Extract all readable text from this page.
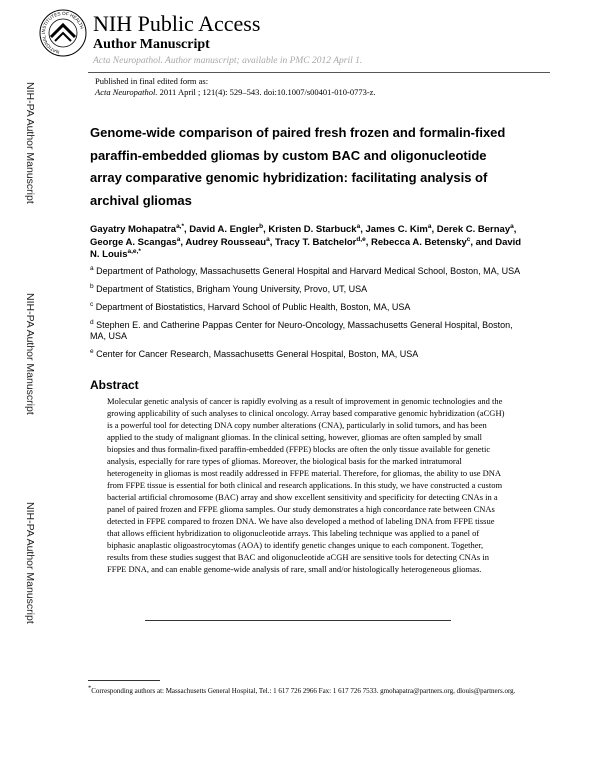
NATIONAL INSTITUTES OF HEALTH NIH Public Access
Author Manuscript
Acta Neuropathol. Author manuscript; available in PMC 2012 April 1.
Published in final edited form as:
Acta Neuropathol. 2011 April ; 121(4): 529–543. doi:10.1007/s00401-010-0773-z.
NIH-PA Author Manuscript
NIH-PA Author Manuscript
NIH-PA Author Manuscript
Genome-wide comparison of paired fresh frozen and formalin-fixed paraffin-embedded gliomas by custom BAC and oligonucleotide array comparative genomic hybridization: facilitating analysis of archival gliomas
Gayatry Mohapatra$^{a,*}$, David A. Engler$^b$, Kristen D. Starbuck$^a$, James C. Kim$^a$, Derek C. Bernay$^a$, George A. Scangas$^a$, Audrey Rousseau$^a$, Tracy T. Batchelor$^{d,e}$, Rebecca A. Betensky$^c$, and David N. Louis$^{a,e,*}$
$^a$ Department of Pathology, Massachusetts General Hospital and Harvard Medical School, Boston, MA, USA
$^b$ Department of Statistics, Brigham Young University, Provo, UT, USA
$^c$ Department of Biostatistics, Harvard School of Public Health, Boston, MA, USA
$^d$ Stephen E. and Catherine Pappas Center for Neuro-Oncology, Massachusetts General Hospital, Boston, MA, USA
$^e$ Center for Cancer Research, Massachusetts General Hospital, Boston, MA, USA
Abstract
Molecular genetic analysis of cancer is rapidly evolving as a result of improvement in genomic technologies and the growing applicability of such analyses to clinical oncology. Array based comparative genomic hybridization (aCGH) is a powerful tool for detecting DNA copy number alterations (CNA), particularly in solid tumors, and has been applied to the study of malignant gliomas. In the clinical setting, however, gliomas are often sampled by small biopsies and thus formalin-fixed paraffin-embedded (FFPE) blocks are often the only tissue available for genetic analysis, especially for rare types of gliomas. Moreover, the biological basis for the marked intratumoral heterogeneity in gliomas is most readily addressed in FFPE material. Therefore, for gliomas, the ability to use DNA from FFPE tissue is essential for both clinical and research applications. In this study, we have constructed a custom bacterial artificial chromosome (BAC) array and show excellent sensitivity and specificity for detecting CNAs in a panel of paired frozen and FFPE glioma samples. Our study demonstrates a high concordance rate between CNAs detected in FFPE compared to frozen DNA. We have also developed a method of labeling DNA from FFPE tissue that allows efficient hybridization to oligonucleotide arrays. This labeling technique was applied to a panel of biphasic anaplastic oligoastrocytomas (AOA) to identify genetic changes unique to each component. Together, results from these studies suggest that BAC and oligonucleotide aCGH are sensitive tools for detecting CNAs in FFPE DNA, and can enable genome-wide analysis of rare, small and/or histologically heterogeneous gliomas.
*Corresponding authors at: Massachusetts General Hospital, Tel.: 1 617 726 2966 Fax: 1 617 726 7533. gmohapatra@partners.org, dlouis@partners.org.
